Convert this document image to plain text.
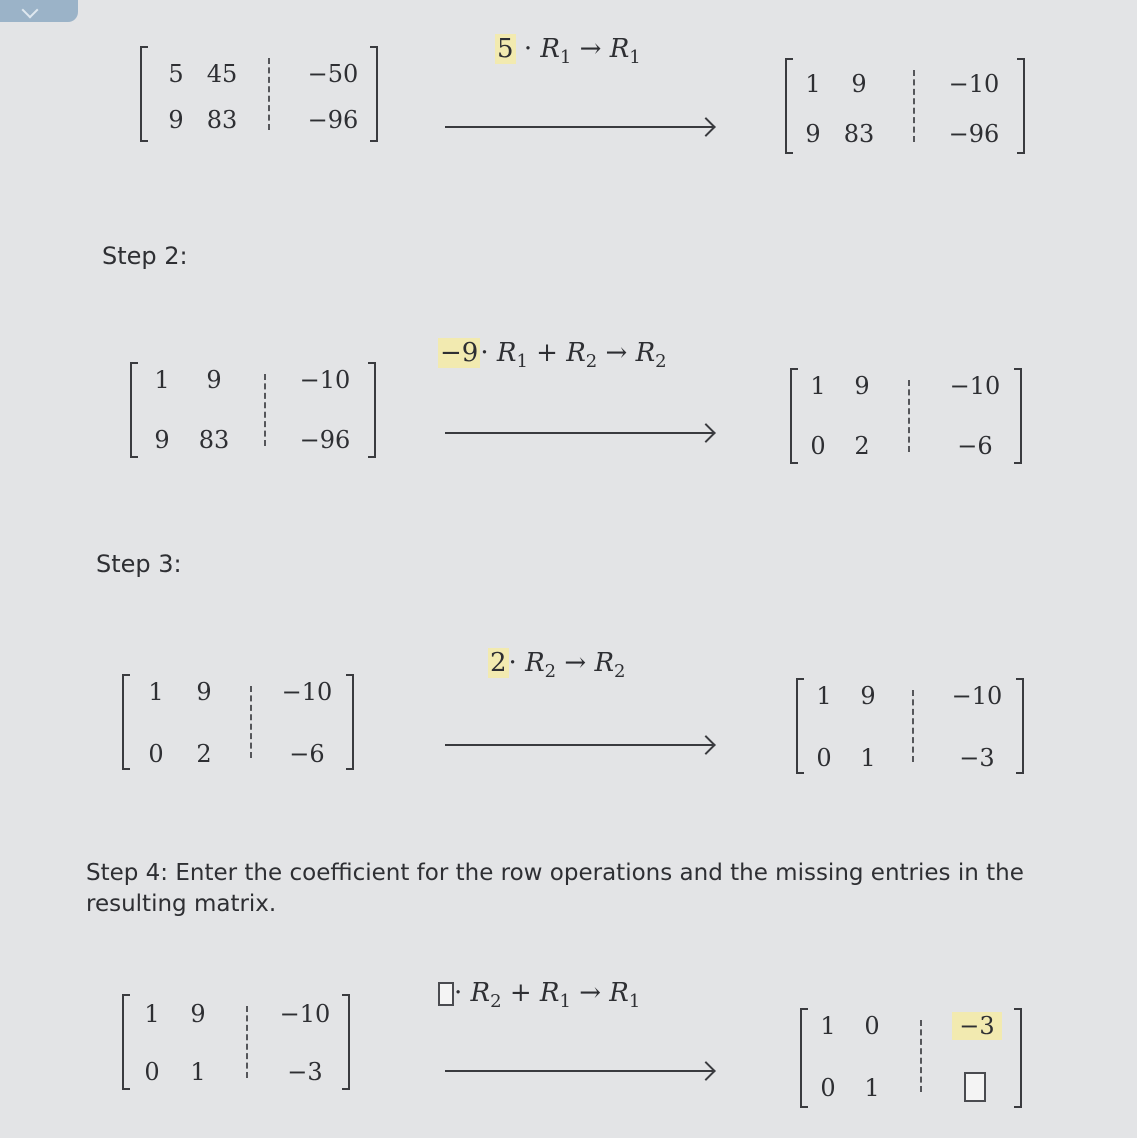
5 45	−50
9 83	−96
$5 \cdot R_1 \to R_1$
1	9	−10
9 83	−96
Step 2:
1	9	−10
9	83	−96
$-9\cdot R_1 + R_2 \to R_2$
1	9	−10
0	2	−6
Step 3:
1	9	−10
0	2	−6
$2\cdot R_2 \to R_2$
1	9	−10
0	1	−3
Step 4: Enter the coefficient for the row operations and the missing entries in the resulting matrix.
1	9	−10
0	1	−3
· $R_2 + R_1 \to R_1$
1	0	−3
0	1
